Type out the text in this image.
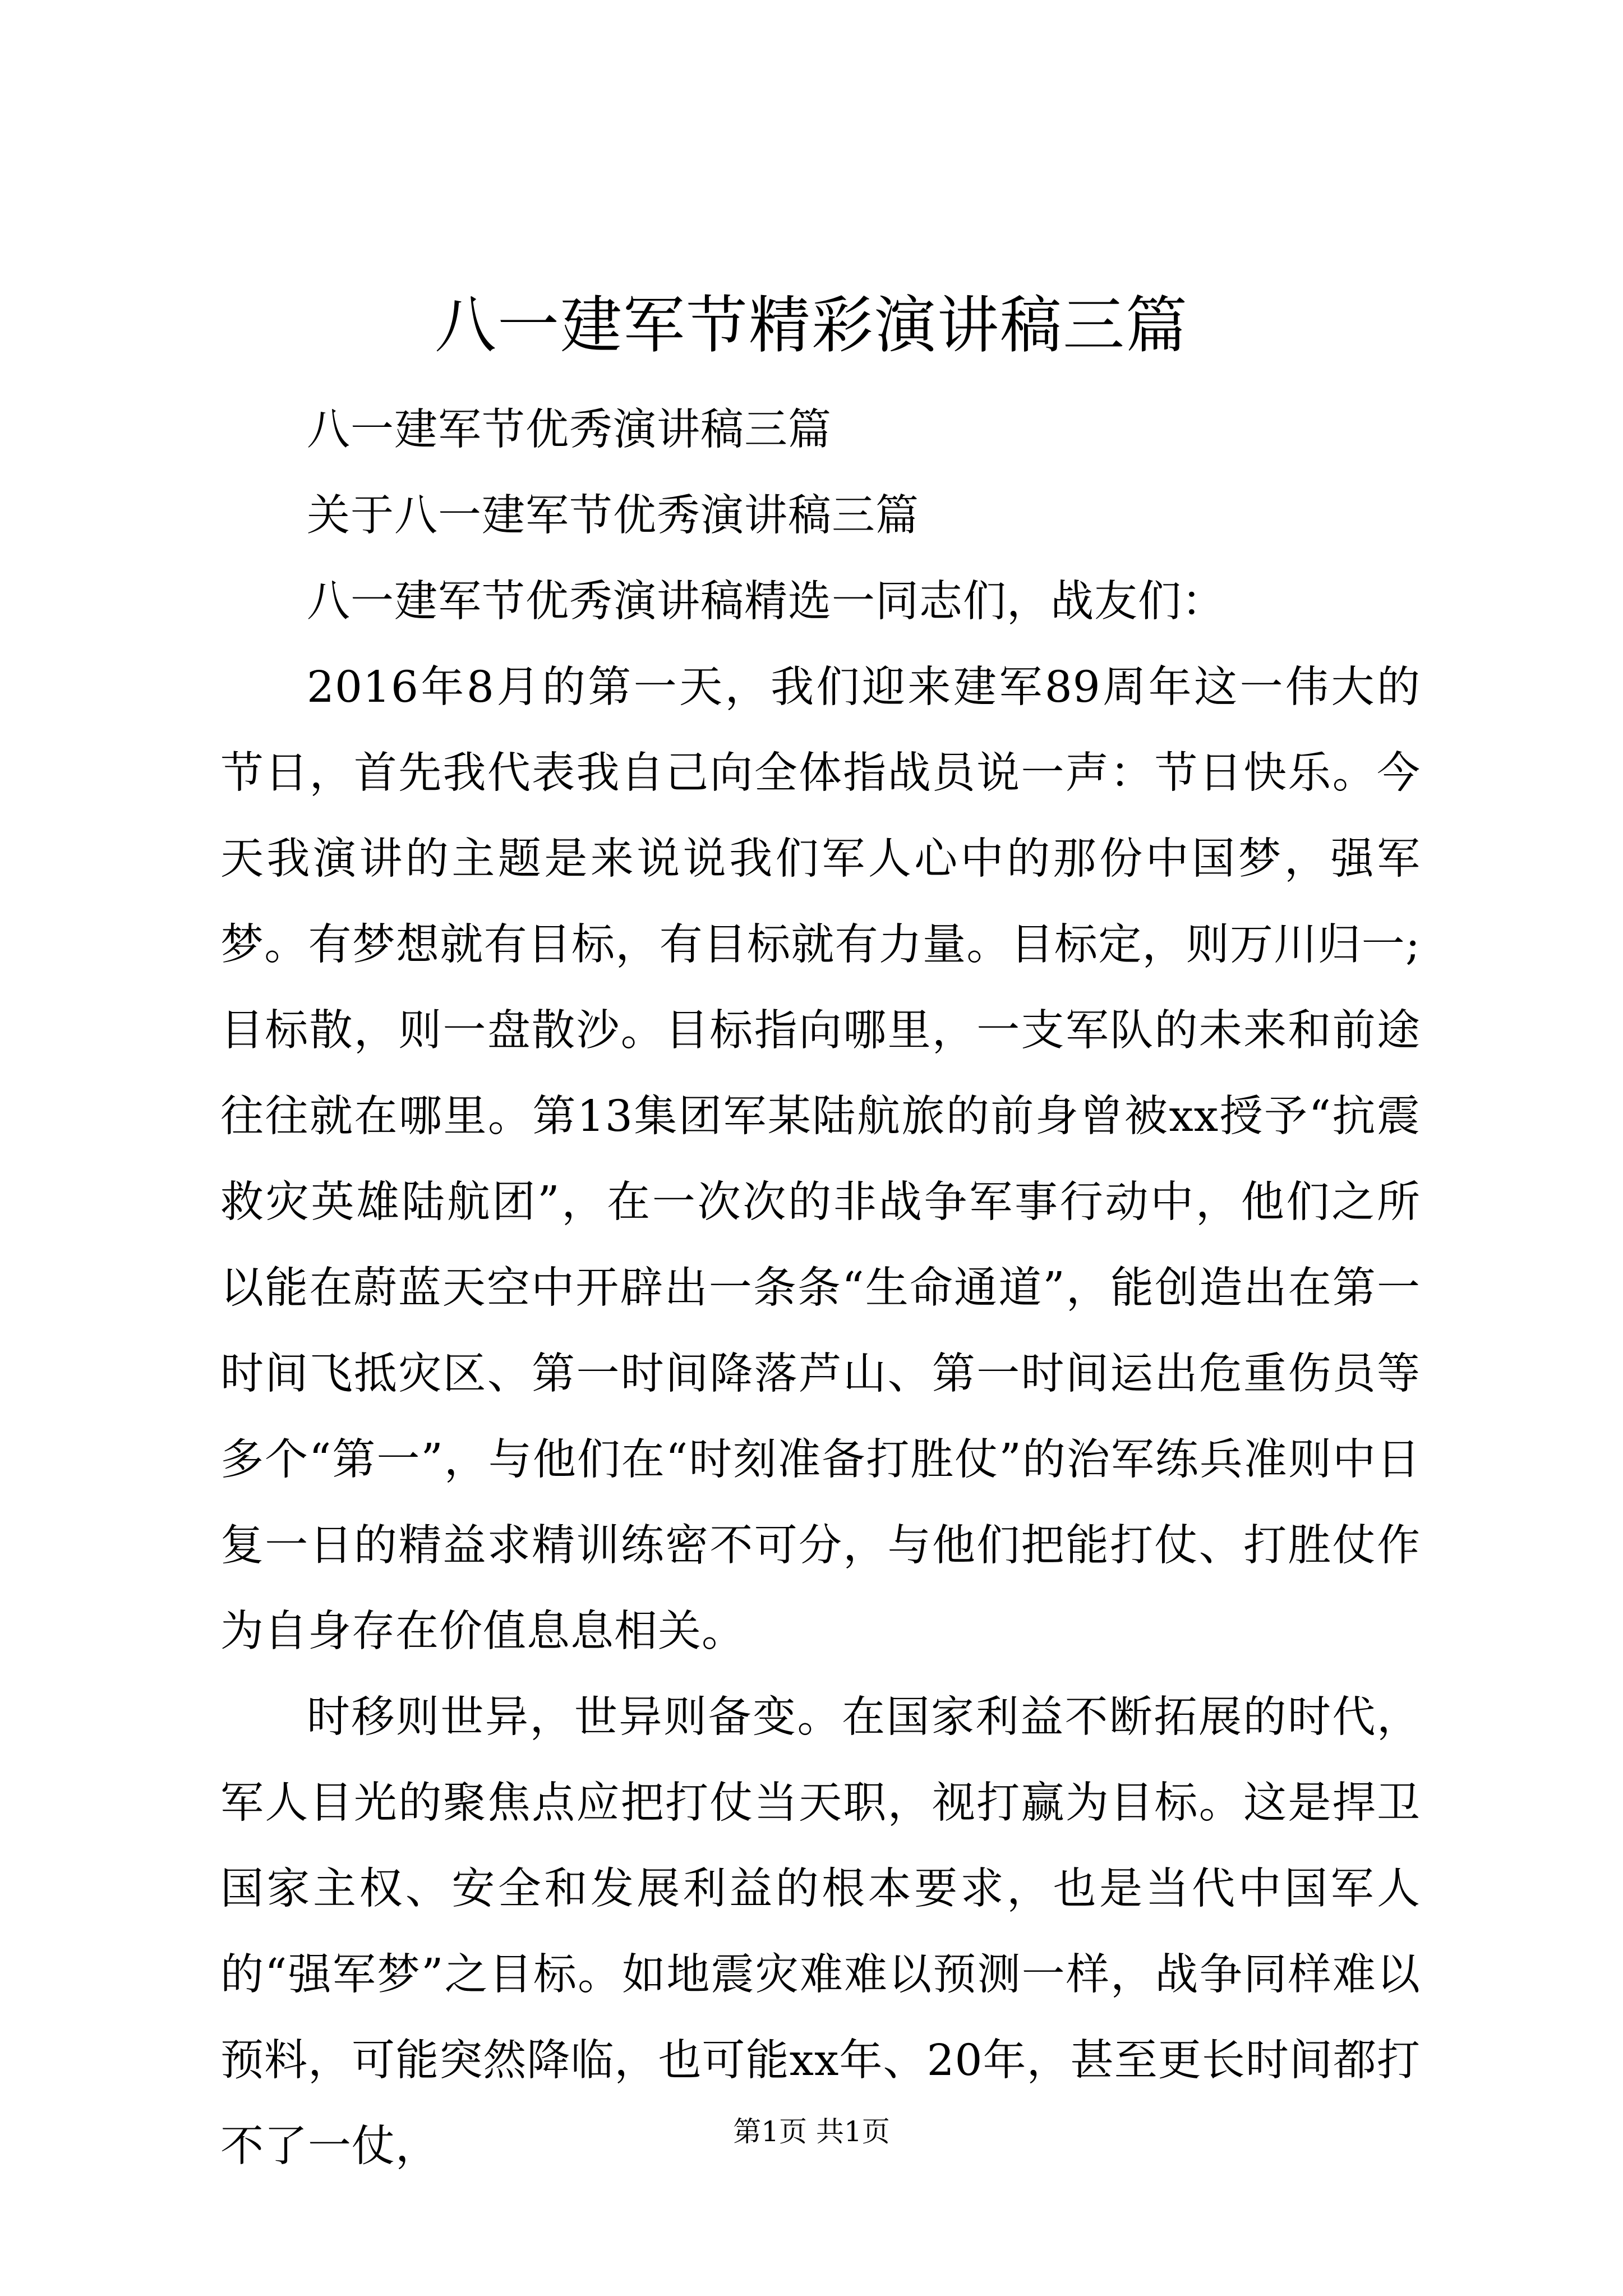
八一建军节精彩演讲稿三篇

八一建军节优秀演讲稿三篇

关于八一建军节优秀演讲稿三篇

八一建军节优秀演讲稿精选一同志们，战友们：

2016年8月的第一天，我们迎来建军89周年这一伟大的节日，首先我代表我自己向全体指战员说一声：节日快乐。今天我演讲的主题是来说说我们军人心中的那份中国梦，强军梦。有梦想就有目标，有目标就有力量。目标定，则万川归一;目标散，则一盘散沙。目标指向哪里，一支军队的未来和前途往往就在哪里。第13集团军某陆航旅的前身曾被xx授予“抗震救灾英雄陆航团”，在一次次的非战争军事行动中，他们之所以能在蔚蓝天空中开辟出一条条“生命通道”，能创造出在第一时间飞抵灾区、第一时间降落芦山、第一时间运出危重伤员等多个“第一”，与他们在“时刻准备打胜仗”的治军练兵准则中日复一日的精益求精训练密不可分，与他们把能打仗、打胜仗作为自身存在价值息息相关。

时移则世异，世异则备变。在国家利益不断拓展的时代，军人目光的聚焦点应把打仗当天职，视打赢为目标。这是捍卫国家主权、安全和发展利益的根本要求，也是当代中国军人的“强军梦”之目标。如地震灾难难以预测一样，战争同样难以预料，可能突然降临，也可能xx年、20年，甚至更长时间都打不了一仗，	第1页 共1页
